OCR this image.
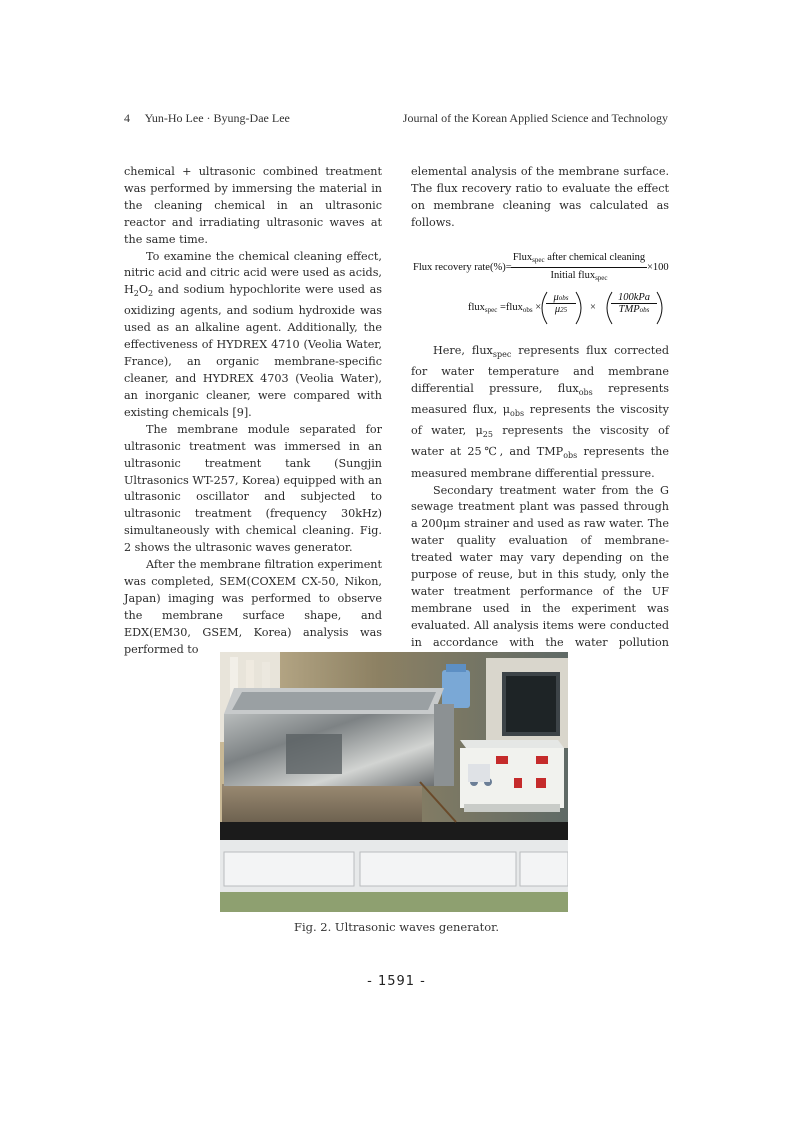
4 Yun-Ho Lee · Byung-Dae Lee	Journal of the Korean Applied Science and Technology

chemical + ultrasonic combined treatment was performed by immersing the material in the cleaning chemical in an ultrasonic reactor and irradiating ultrasonic waves at the same time.

To examine the chemical cleaning effect, nitric acid and citric acid were used as acids, $H_2O_2$ and sodium hypochlorite were used as oxidizing agents, and sodium hydroxide was used as an alkaline agent. Additionally, the effectiveness of HYDREX 4710 (Veolia Water, France), an organic membrane-specific cleaner, and HYDREX 4703 (Veolia Water), an inorganic cleaner, were compared with existing chemicals [9].

The membrane module separated for ultrasonic treatment was immersed in an ultrasonic treatment tank (Sungjin Ultrasonics WT-257, Korea) equipped with an ultrasonic oscillator and subjected to ultrasonic treatment (frequency 30kHz) simultaneously with chemical cleaning. Fig. 2 shows the ultrasonic waves generator.

After the membrane filtration experiment was completed, SEM(COXEM CX-50, Nikon, Japan) imaging was performed to observe the membrane surface shape, and EDX(EM30, GSEM, Korea) analysis was performed to

elemental analysis of the membrane surface. The flux recovery ratio to evaluate the effect on membrane cleaning was calculated as follows.

Flux recovery rate(%)=
Flux$_{spec}$ after chemical cleaning
Initial flux$_{spec}$
×100
flux$_{spec}$ =flux$_{obs}$ ×
μobs
μ25	×
100kPa
TMPobs

Here, flux$_{spec}$ represents flux corrected for water temperature and membrane differential pressure, flux$_{obs}$ represents measured flux, $\mu_{obs}$ represents the viscosity of water, $\mu_{25}$ represents the viscosity of water at 25℃, and $TMP_{obs}$ represents the measured membrane differential pressure.

Secondary treatment water from the G sewage treatment plant was passed through a 200μm strainer and used as raw water. The water quality evaluation of membrane-treated water may vary depending on the purpose of reuse, but in this study, only the water treatment performance of the UF membrane used in the experiment was evaluated. All analysis items were conducted in accordance with the water pollution

Fig. 2. Ultrasonic waves generator.
- 1591 -
